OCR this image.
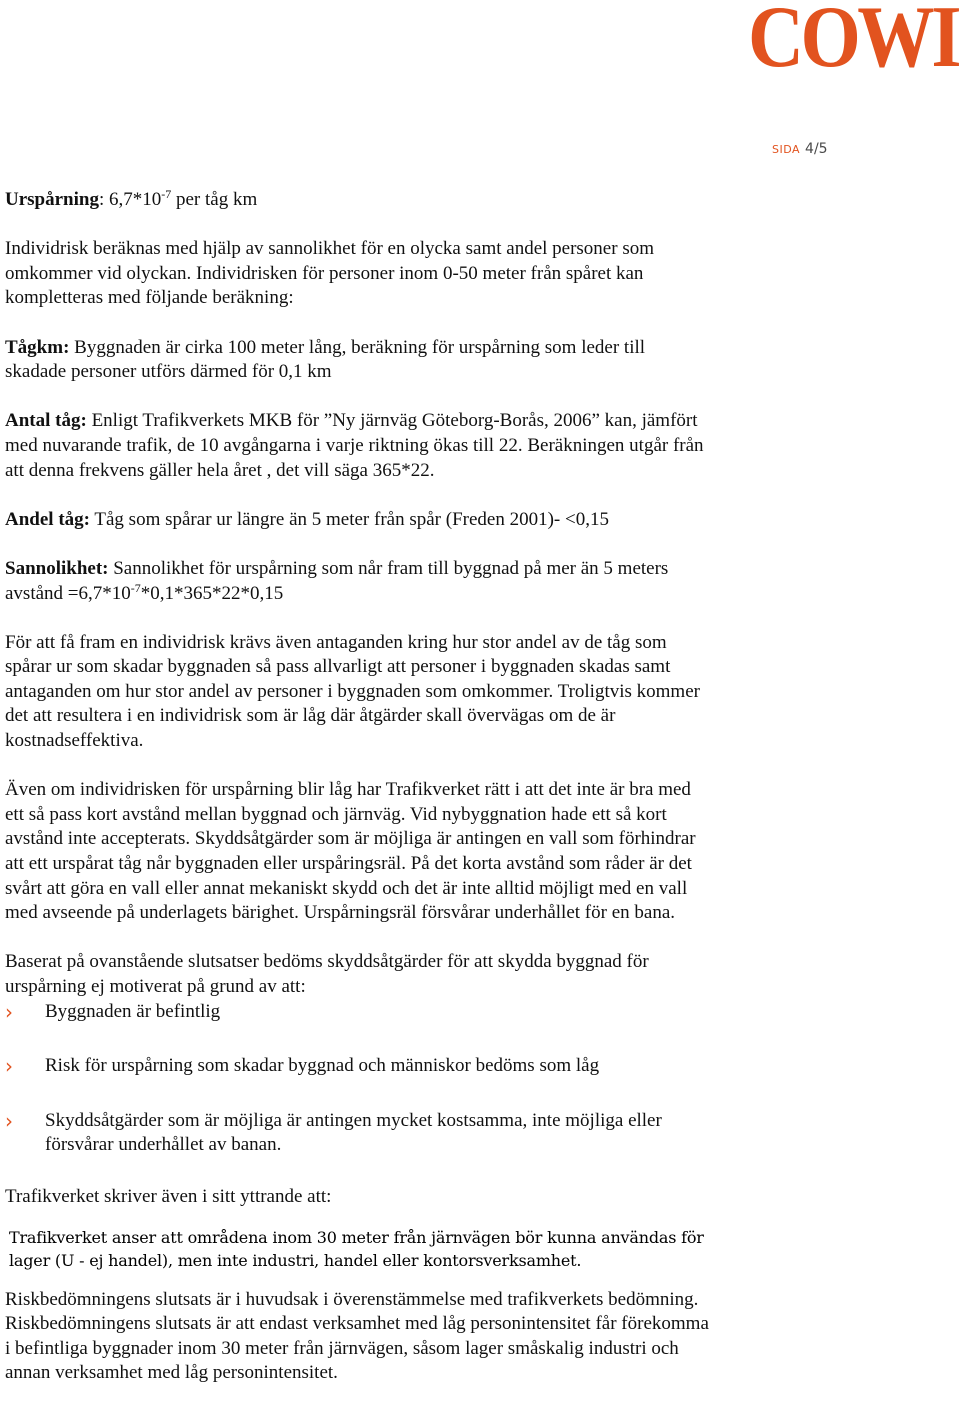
COWI
SIDA 4/5

Urspårning: $6,7*10^{-7}$ per tåg km

Individrisk beräknas med hjälp av sannolikhet för en olycka samt andel personer som omkommer vid olyckan. Individrisken för personer inom 0-50 meter från spåret kan kompletteras med följande beräkning:

Tågkm: Byggnaden är cirka 100 meter lång, beräkning för urspårning som leder till skadade personer utförs därmed för 0,1 km

Antal tåg: Enligt Trafikverkets MKB för ”Ny järnväg Göteborg-Borås, 2006” kan, jämfört med nuvarande trafik, de 10 avgångarna i varje riktning ökas till 22. Beräkningen utgår från att denna frekvens gäller hela året , det vill säga 365*22.

Andel tåg: Tåg som spårar ur längre än 5 meter från spår (Freden 2001)- <0,15

Sannolikhet: Sannolikhet för urspårning som når fram till byggnad på mer än 5 meters avstånd $=6,7*10^{-7}*0,1*365*22*0,15$

För att få fram en individrisk krävs även antaganden kring hur stor andel av de tåg som spårar ur som skadar byggnaden så pass allvarligt att personer i byggnaden skadas samt antaganden om hur stor andel av personer i byggnaden som omkommer. Troligtvis kommer det att resultera i en individrisk som är låg där åtgärder skall övervägas om de är kostnadseffektiva.

Även om individrisken för urspårning blir låg har Trafikverket rätt i att det inte är bra med ett så pass kort avstånd mellan byggnad och järnväg. Vid nybyggnation hade ett så kort avstånd inte accepterats. Skyddsåtgärder som är möjliga är antingen en vall som förhindrar att ett urspårat tåg når byggnaden eller urspåringsräl. På det korta avstånd som råder är det svårt att göra en vall eller annat mekaniskt skydd och det är inte alltid möjligt med en vall med avseende på underlagets bärighet. Urspårningsräl försvårar underhållet för en bana.

Baserat på ovanstående slutsatser bedöms skyddsåtgärder för att skydda byggnad för urspårning ej motiverat på grund av att:

› Byggnaden är befintlig
› Risk för urspårning som skadar byggnad och människor bedöms som låg
› Skyddsåtgärder som är möjliga är antingen mycket kostsamma, inte möjliga eller försvårar underhållet av banan.

Trafikverket skriver även i sitt yttrande att:

Trafikverket anser att områdena inom 30 meter från järnvägen bör kunna användas för lager (U - ej handel), men inte industri, handel eller kontorsverksamhet.

Riskbedömningens slutsats är i huvudsak i överenstämmelse med trafikverkets bedömning. Riskbedömningens slutsats är att endast verksamhet med låg personintensitet får förekomma i befintliga byggnader inom 30 meter från järnvägen, såsom lager småskalig industri och annan verksamhet med låg personintensitet.
